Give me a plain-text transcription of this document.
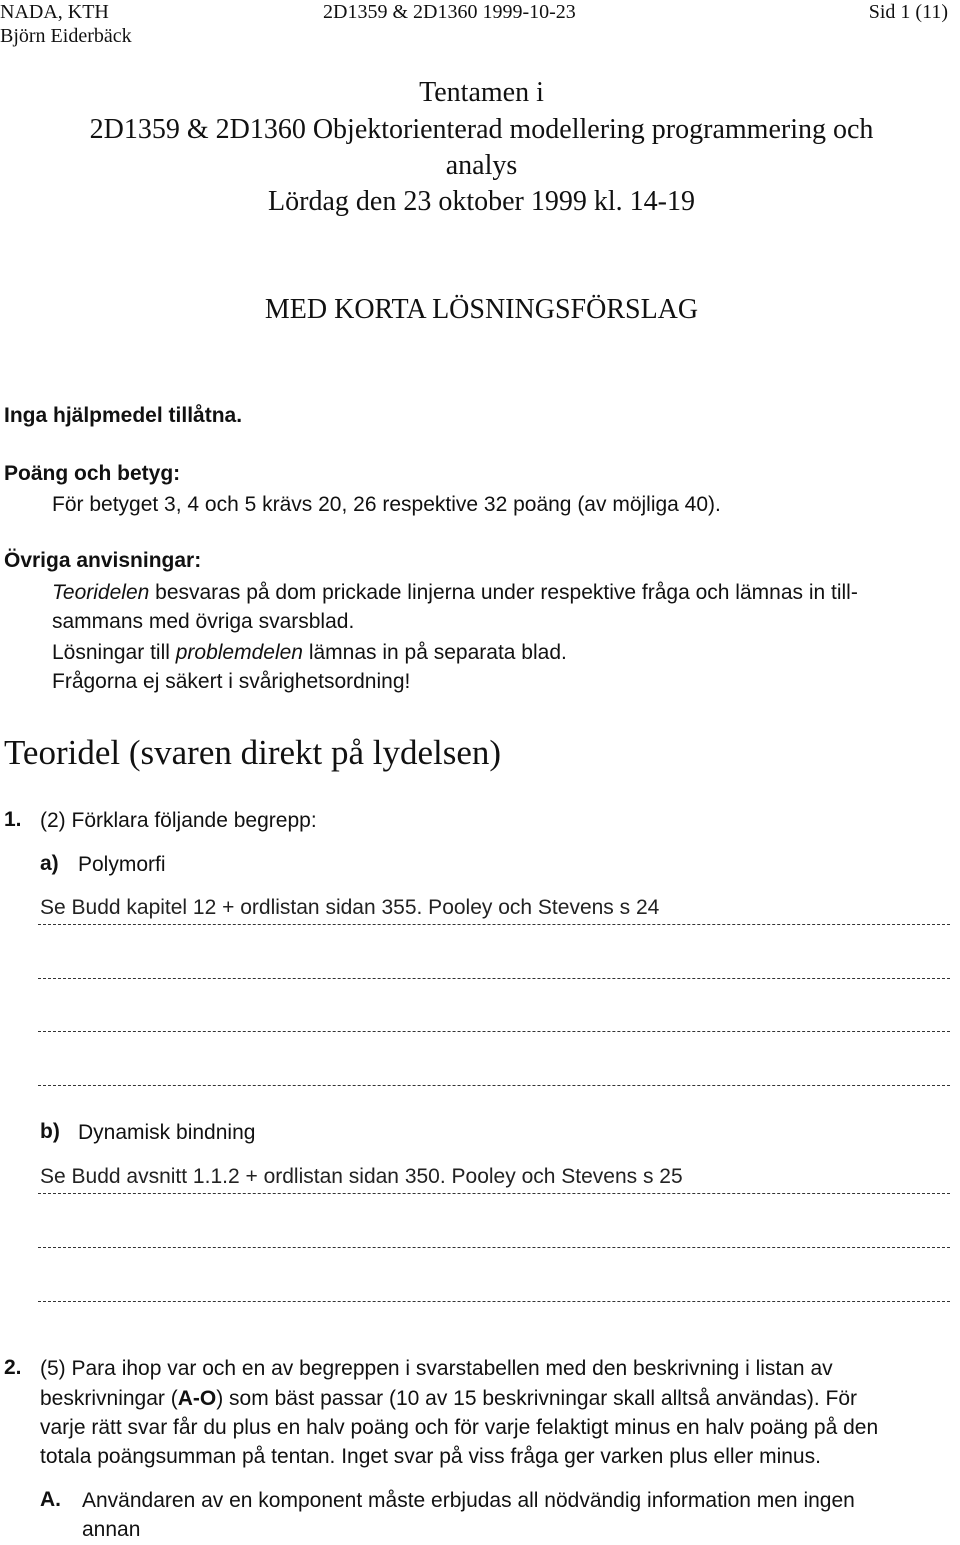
NADA, KTH
Björn Eiderbäck
2D1359 & 2D1360 1999-10-23	Sid 1 (11)
Tentamen i
2D1359 & 2D1360 Objektorienterad modellering programmering och
analys
Lördag den 23 oktober 1999 kl. 14-19
MED KORTA LÖSNINGSFÖRSLAG
Inga hjälpmedel tillåtna.
Poäng och betyg:
För betyget 3, 4 och 5 krävs 20, 26 respektive 32 poäng (av möjliga 40).
Övriga anvisningar:
Teoridelen besvaras på dom prickade linjerna under respektive fråga och lämnas in till-
sammans med övriga svarsblad.
Lösningar till problemdelen lämnas in på separata blad.
Frågorna ej säkert i svårighetsordning!
Teoridel (svaren direkt på lydelsen)
1. (2) Förklara följande begrepp:
a) Polymorfi
Se Budd kapitel 12 + ordlistan sidan 355. Pooley och Stevens s 24
b) Dynamisk bindning
Se Budd avsnitt 1.1.2 + ordlistan sidan 350. Pooley och Stevens s 25
2. (5) Para ihop var och en av begreppen i svarstabellen med den beskrivning i listan av
beskrivningar (A-O) som bäst passar (10 av 15 beskrivningar skall alltså användas). För
varje rätt svar får du plus en halv poäng och för varje felaktigt minus en halv poäng på den
totala poängsumman på tentan. Inget svar på viss fråga ger varken plus eller minus.
A. Användaren av en komponent måste erbjudas all nödvändig information men ingen
annan
